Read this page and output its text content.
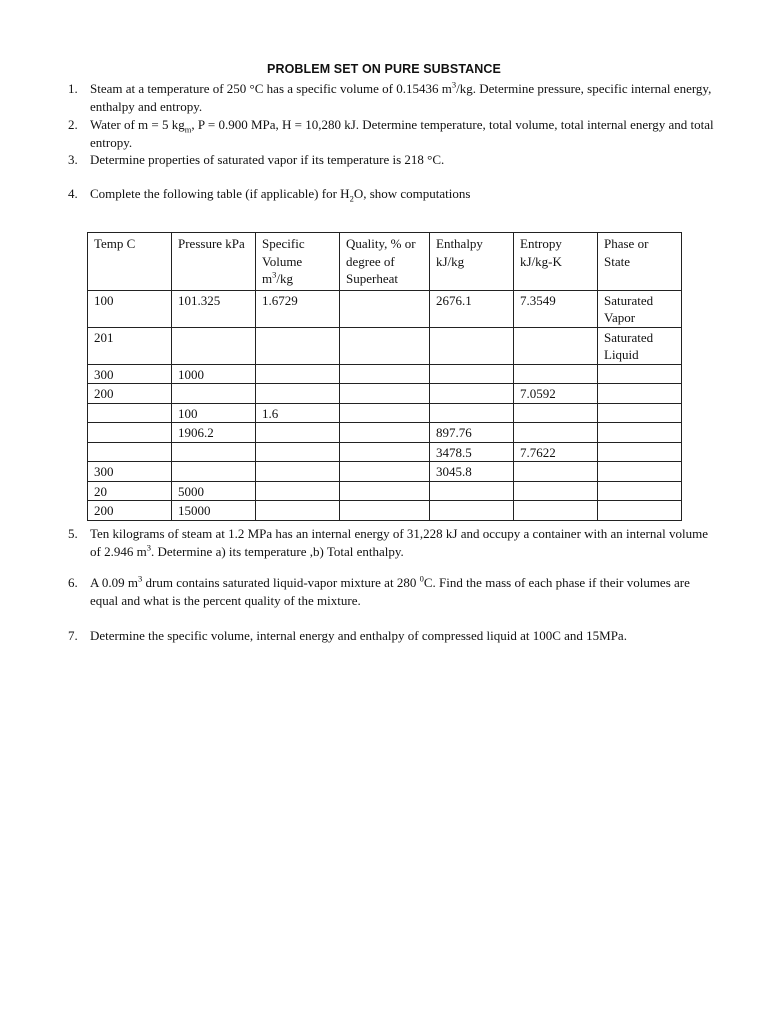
PROBLEM SET ON PURE SUBSTANCE
1. Steam at a temperature of 250 °C has a specific volume of 0.15436 $m^3/kg$. Determine pressure, specific internal energy, enthalpy and entropy.
2. Water of m = 5 $kg_m$, P = 0.900 MPa, H = 10,280 kJ. Determine temperature, total volume, total internal energy and total entropy.
3. Determine properties of saturated vapor if its temperature is 218 °C.
4. Complete the following table (if applicable) for $H_2O$, show computations
Temp C	Pressure kPa	Specific Volume $m^3/kg$	Quality, % or degree of Superheat	Enthalpy kJ/kg	Entropy kJ/kg-K	Phase or State
100	101.325	1.6729		2676.1	7.3549	Saturated Vapor
201						Saturated Liquid
300	1000					
200					7.0592	
	100	1.6				
	1906.2			897.76		
				3478.5	7.7622	
300				3045.8		
20	5000					
200	15000					
5. Ten kilograms of steam at 1.2 MPa has an internal energy of 31,228 kJ and occupy a container with an internal volume of 2.946 $m^3$. Determine a) its temperature ,b) Total enthalpy.
6. A 0.09 $m^3$ drum contains saturated liquid-vapor mixture at 280 $^0$C. Find the mass of each phase if their volumes are equal and what is the percent quality of the mixture.
7. Determine the specific volume, internal energy and enthalpy of compressed liquid at 100C and 15MPa.
